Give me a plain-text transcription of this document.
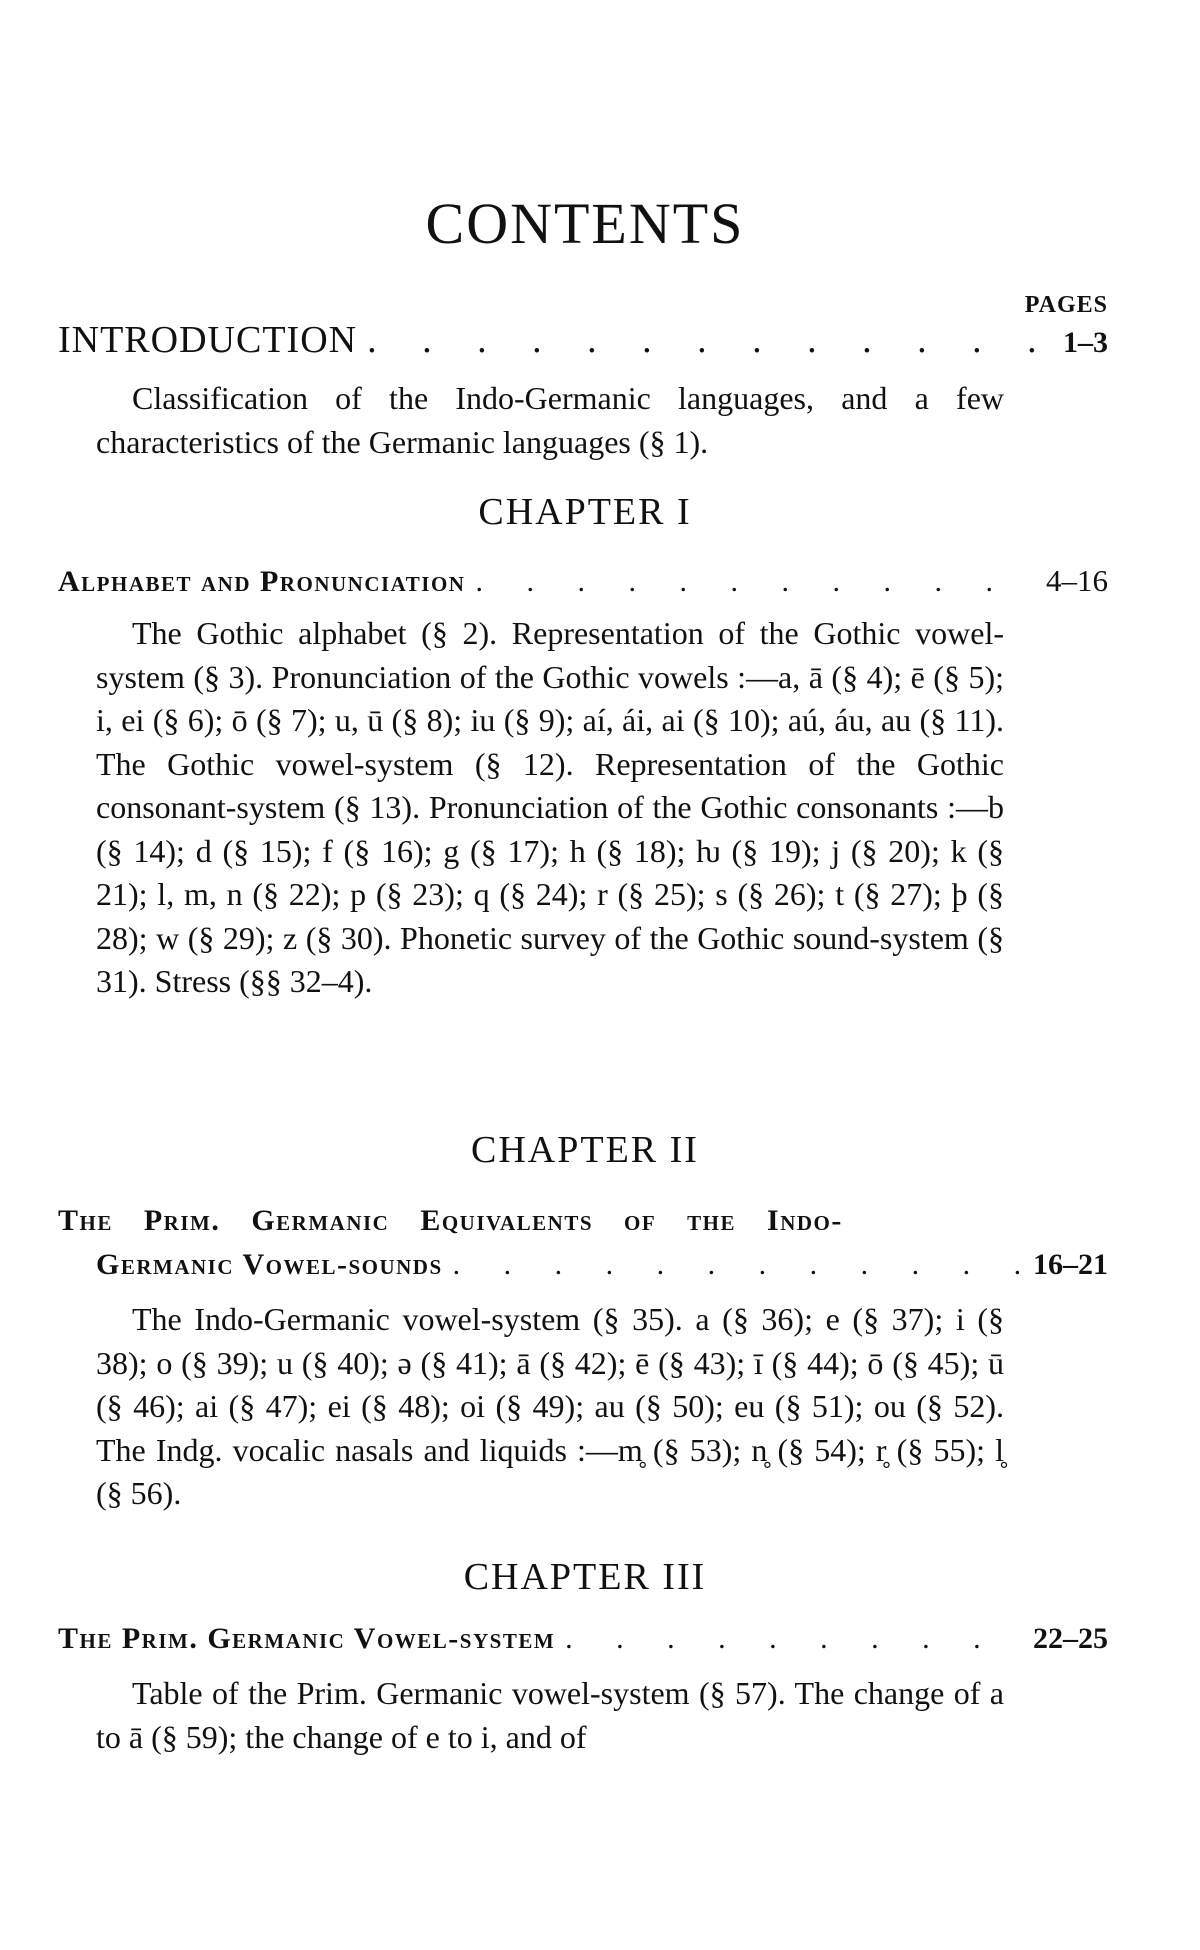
CONTENTS
PAGES
INTRODUCTION . . .	1–3

Classification of the Indo-Germanic languages, and a few characteristics of the Germanic languages (§ 1).

CHAPTER I
Alphabet and Pronunciation . . .	4–16

The Gothic alphabet (§ 2). Representation of the Gothic vowel-system (§ 3). Pronunciation of the Gothic vowels :—a, ā (§ 4); ē (§ 5); i, ei (§ 6); ō (§ 7); u, ū (§ 8); iu (§ 9); aí, ái, ai (§ 10); aú, áu, au (§ 11). The Gothic vowel-system (§ 12). Representation of the Gothic consonant-system (§ 13). Pronunciation of the Gothic consonants :—b (§ 14); d (§ 15); f (§ 16); g (§ 17); h (§ 18); ƕ (§ 19); j (§ 20); k (§ 21); l, m, n (§ 22); p (§ 23); q (§ 24); r (§ 25); s (§ 26); t (§ 27); þ (§ 28); w (§ 29); z (§ 30). Phonetic survey of the Gothic sound-system (§ 31). Stress (§§ 32–4).

CHAPTER II
The Prim. Germanic Equivalents of the Indo-
Germanic Vowel-sounds . . .	16–21

The Indo-Germanic vowel-system (§ 35). a (§ 36); e (§ 37); i (§ 38); o (§ 39); u (§ 40); ə (§ 41); ā (§ 42); ē (§ 43); ī (§ 44); ō (§ 45); ū (§ 46); ai (§ 47); ei (§ 48); oi (§ 49); au (§ 50); eu (§ 51); ou (§ 52). The Indg. vocalic nasals and liquids :—m̥ (§ 53); n̥ (§ 54); r̥ (§ 55); l̥ (§ 56).

CHAPTER III
The Prim. Germanic Vowel-system . . .	22–25

Table of the Prim. Germanic vowel-system (§ 57). The change of a to ā (§ 59); the change of e to i, and of
